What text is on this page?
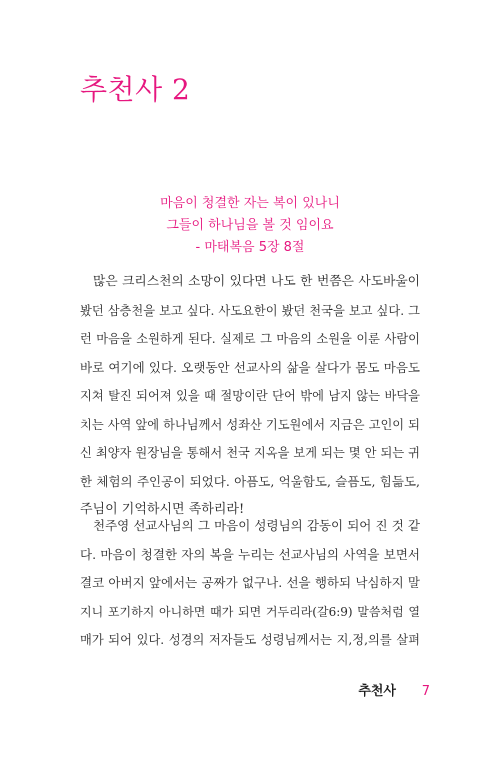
추천사 2
마음이 청결한 자는 복이 있나니
그들이 하나님을 볼 것 임이요
- 마태복음 5장 8절

많은 크리스천의 소망이 있다면 나도 한 번쯤은 사도바울이
봤던 삼층천을 보고 싶다. 사도요한이 봤던 천국을 보고 싶다. 그
런 마음을 소원하게 된다. 실제로 그 마음의 소원을 이룬 사람이
바로 여기에 있다. 오랫동안 선교사의 삶을 살다가 몸도 마음도
지쳐 탈진 되어져 있을 때 절망이란 단어 밖에 남지 않는 바닥을
치는 사역 앞에 하나님께서 성좌산 기도원에서 지금은 고인이 되
신 최양자 원장님을 통해서 천국 지옥을 보게 되는 몇 안 되는 귀
한 체험의 주인공이 되었다. 아픔도, 억울함도, 슬픔도, 힘듦도,
주님이 기억하시면 족하리라!

천주영 선교사님의 그 마음이 성령님의 감동이 되어 진 것 같
다. 마음이 청결한 자의 복을 누리는 선교사님의 사역을 보면서
결코 아버지 앞에서는 공짜가 없구나. 선을 행하되 낙심하지 말
지니 포기하지 아니하면 때가 되면 거두리라(갈6:9) 말씀처럼 열
매가 되어 있다. 성경의 저자들도 성령님께서는 지,정,의를 살펴

추천사 7
